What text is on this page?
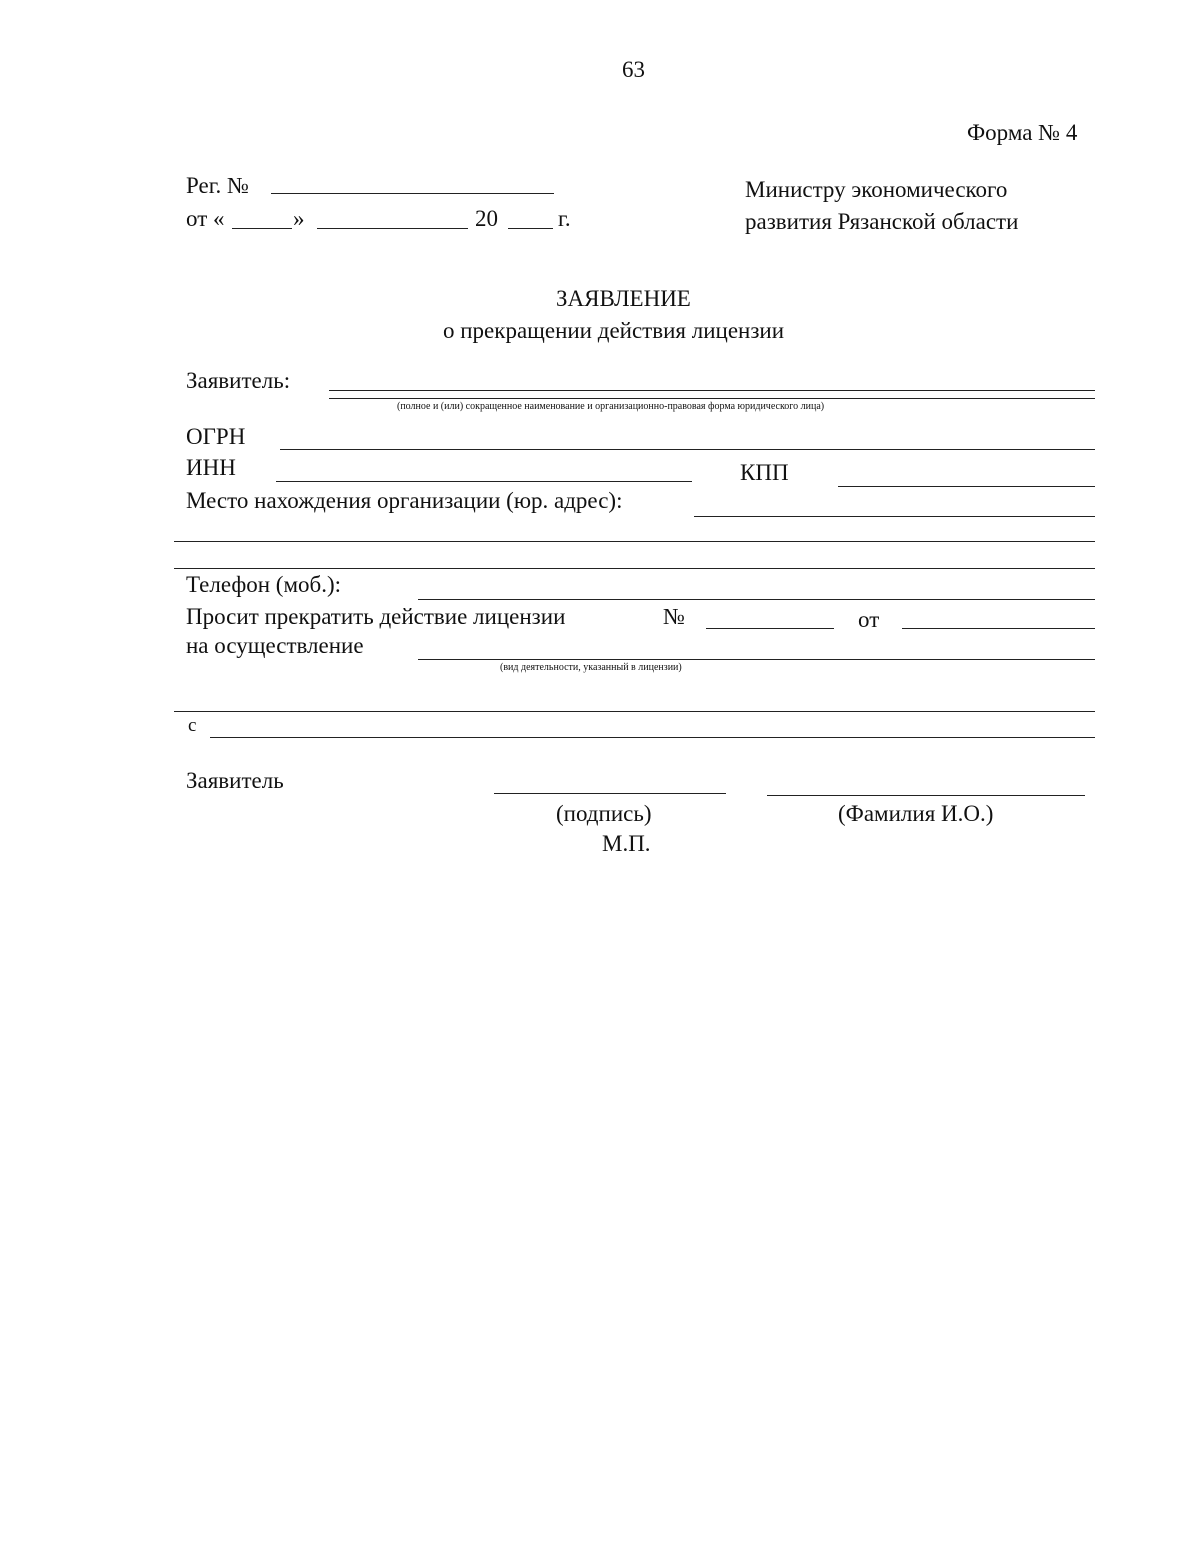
63
Форма № 4
Рег. №
от «	»	20	г.
Министру экономического
развития Рязанской области
ЗАЯВЛЕНИЕ
о прекращении действия лицензии
Заявитель:
(полное и (или) сокращенное наименование и организационно-правовая форма юридического лица)
ОГРН
ИНН	КПП
Место нахождения организации (юр. адрес):
Телефон (моб.):
Просит прекратить действие лицензии	№	от
на осуществление
(вид деятельности, указанный в лицензии)
с
Заявитель
(подпись)	(Фамилия И.О.)
М.П.
